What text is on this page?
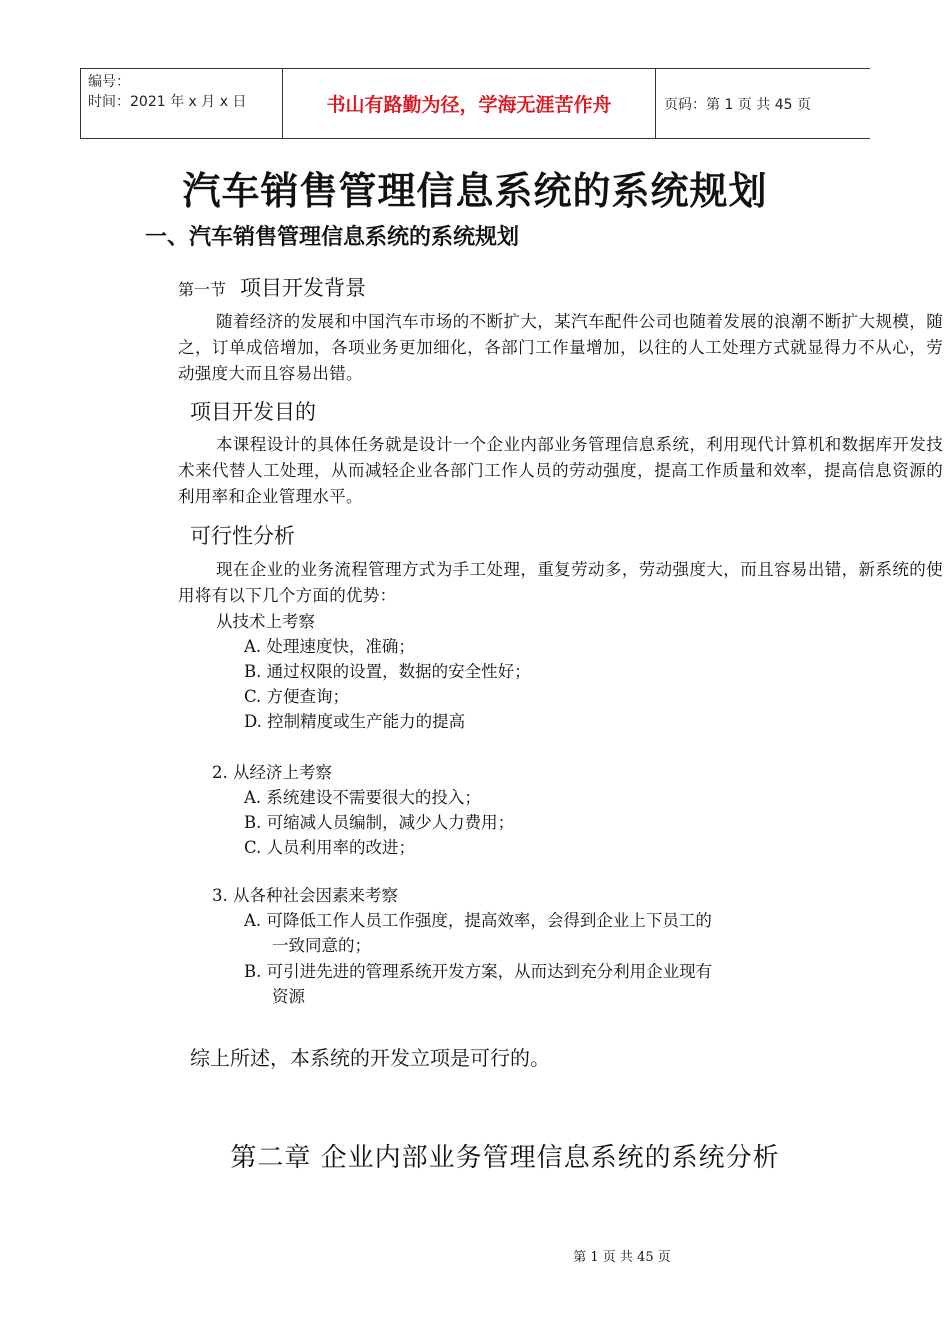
编号：
时间：2021 年 x 月 x 日	书山有路勤为径，学海无涯苦作舟	页码：第 1 页 共 45 页
汽车销售管理信息系统的系统规划
一、汽车销售管理信息系统的系统规划
第一节 项目开发背景
随着经济的发展和中国汽车市场的不断扩大，某汽车配件公司也随着发展的浪潮不断扩大规模，随之，订单成倍增加，各项业务更加细化，各部门工作量增加，以往的人工处理方式就显得力不从心，劳动强度大而且容易出错。
项目开发目的
本课程设计的具体任务就是设计一个企业内部业务管理信息系统，利用现代计算机和数据库开发技术来代替人工处理，从而减轻企业各部门工作人员的劳动强度，提高工作质量和效率，提高信息资源的利用率和企业管理水平。
可行性分析
现在企业的业务流程管理方式为手工处理，重复劳动多，劳动强度大，而且容易出错，新系统的使用将有以下几个方面的优势：
从技术上考察
A. 处理速度快，准确；
B. 通过权限的设置，数据的安全性好；
C. 方便查询；
D. 控制精度或生产能力的提高
2. 从经济上考察
A. 系统建设不需要很大的投入；
B. 可缩减人员编制，减少人力费用；
C. 人员利用率的改进；
3. 从各种社会因素来考察
A. 可降低工作人员工作强度，提高效率，会得到企业上下员工的
一致同意的；
B. 可引进先进的管理系统开发方案，从而达到充分利用企业现有
资源
综上所述，本系统的开发立项是可行的。
第二章 企业内部业务管理信息系统的系统分析
第 1 页 共 45 页
